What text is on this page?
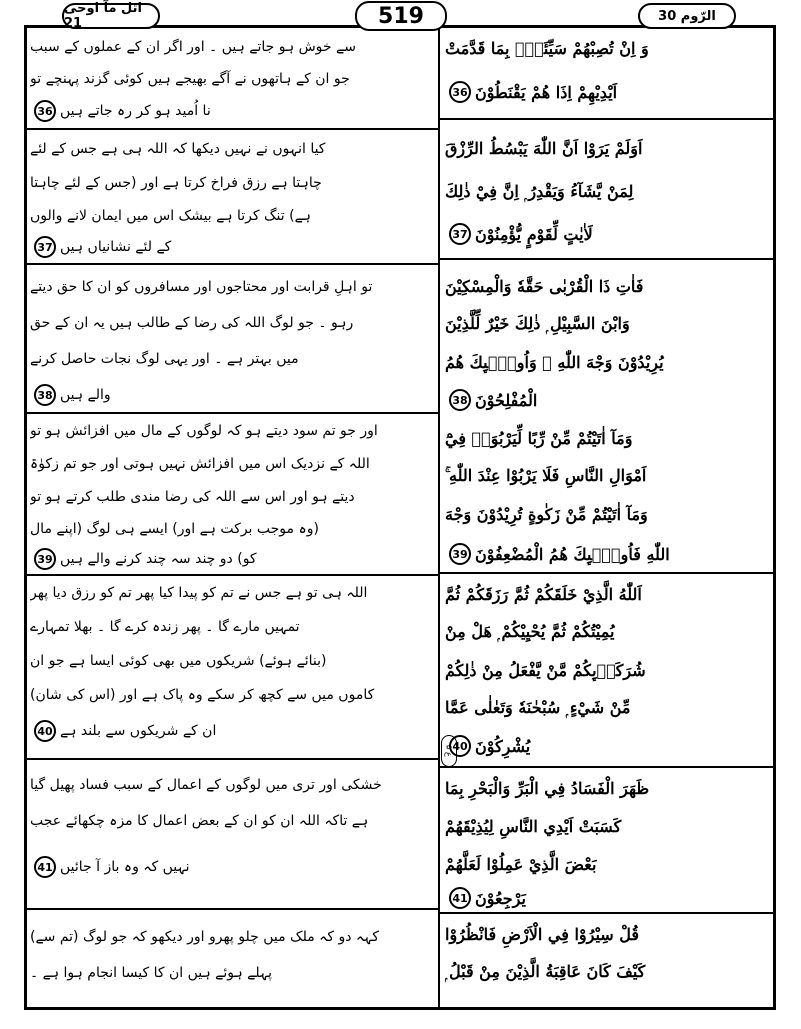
اتل مآ اوحی 21	519	الرّوم 30
ع ۵
وَ اِنْ تُصِبْهُمْ سَيِّئَةٌۢ بِمَا قَدَّمَتْ
اَيْدِيْهِمْ اِذَا هُمْ يَقْنَطُوْنَ
36
سے خوش ہو جاتے ہیں ۔ اور اگر ان کے عملوں کے سبب
جو ان کے ہاتھوں نے آگے بھیجے ہیں کوئی گزند پہنچے تو
نا اُمید ہو کر رہ جاتے ہیں
36
اَوَلَمْ يَرَوْا اَنَّ اللّٰهَ يَبْسُطُ الرِّزْقَ
لِمَنْ يَّشَآءُ وَيَقْدِرُ ۭ اِنَّ فِيْ ذٰلِكَ
لَاٰيٰتٍ لِّقَوْمٍ يُّؤْمِنُوْنَ
37
کیا انہوں نے نہیں دیکھا کہ اللہ ہی ہے جس کے لئے
چاہتا ہے رزق فراخ کرتا ہے اور (جس کے لئے چاہتا
ہے) تنگ کرتا ہے بیشک اس میں ایمان لانے والوں
کے لئے نشانیاں ہیں
37
فَاٰتِ ذَا الْقُرْبٰى حَقَّهٗ وَالْمِسْكِيْنَ
وَابْنَ السَّبِيْلِ ۭ ذٰلِكَ خَيْرٌ لِّلَّذِيْنَ
يُرِيْدُوْنَ وَجْهَ اللّٰهِ ۡ وَاُولٰۗىِٕكَ هُمُ
الْمُفْلِحُوْنَ
38
تو اہلِ قرابت اور محتاجوں اور مسافروں کو ان کا حق دیتے
رہو ۔ جو لوگ اللہ کی رضا کے طالب ہیں یہ ان کے حق
میں بہتر ہے ۔ اور یہی لوگ نجات حاصل کرنے
والے ہیں
38
وَمَآ اٰتَيْتُمْ مِّنْ رِّبًا لِّيَرْبُوَا۟ فِيْٓ
اَمْوَالِ النَّاسِ فَلَا يَرْبُوْا عِنْدَ اللّٰهِ ۚ
وَمَآ اٰتَيْتُمْ مِّنْ زَكٰوةٍ تُرِيْدُوْنَ وَجْهَ
اللّٰهِ فَاُولٰۗىِٕكَ هُمُ الْمُضْعِفُوْنَ
39
اور جو تم سود دیتے ہو کہ لوگوں کے مال میں افزائش ہو تو
اللہ کے نزدیک اس میں افزائش نہیں ہوتی اور جو تم زکوٰۃ
دیتے ہو اور اس سے اللہ کی رضا مندی طلب کرتے ہو تو
(وہ موجب برکت ہے اور) ایسے ہی لوگ (اپنے مال
کو) دو چند سہ چند کرنے والے ہیں
39
اَللّٰهُ الَّذِيْ خَلَقَكُمْ ثُمَّ رَزَقَكُمْ ثُمَّ
يُمِيْتُكُمْ ثُمَّ يُحْيِيْكُمْ ۭ هَلْ مِنْ
شُرَكَاۗىِٕكُمْ مَّنْ يَّفْعَلُ مِنْ ذٰلِكُمْ
مِّنْ شَيْءٍ ۭ سُبْحٰنَهٗ وَتَعٰلٰى عَمَّا
يُشْرِكُوْنَ
40
اللہ ہی تو ہے جس نے تم کو پیدا کیا پھر تم کو رزق دیا پھر
تمہیں مارے گا ۔ پھر زندہ کرے گا ۔ بھلا تمہارے
(بنائے ہوئے) شریکوں میں بھی کوئی ایسا ہے جو ان
کاموں میں سے کچھ کر سکے وہ پاک ہے اور (اس کی شان)
ان کے شریکوں سے بلند ہے
40
ظَهَرَ الْفَسَادُ فِي الْبَرِّ وَالْبَحْرِ بِمَا
كَسَبَتْ اَيْدِي النَّاسِ لِيُذِيْقَهُمْ
بَعْضَ الَّذِيْ عَمِلُوْا لَعَلَّهُمْ
يَرْجِعُوْنَ
41
خشکی اور تری میں لوگوں کے اعمال کے سبب فساد پھیل گیا
ہے تاکہ اللہ ان کو ان کے بعض اعمال کا مزہ چکھائے عجب
نہیں کہ وہ باز آ جائیں
41
قُلْ سِيْرُوْا فِي الْاَرْضِ فَانْظُرُوْا
كَيْفَ كَانَ عَاقِبَةُ الَّذِيْنَ مِنْ قَبْلُ ۭ
کہہ دو کہ ملک میں چلو پھرو اور دیکھو کہ جو لوگ (تم سے)
پہلے ہوئے ہیں ان کا کیسا انجام ہوا ہے ۔
